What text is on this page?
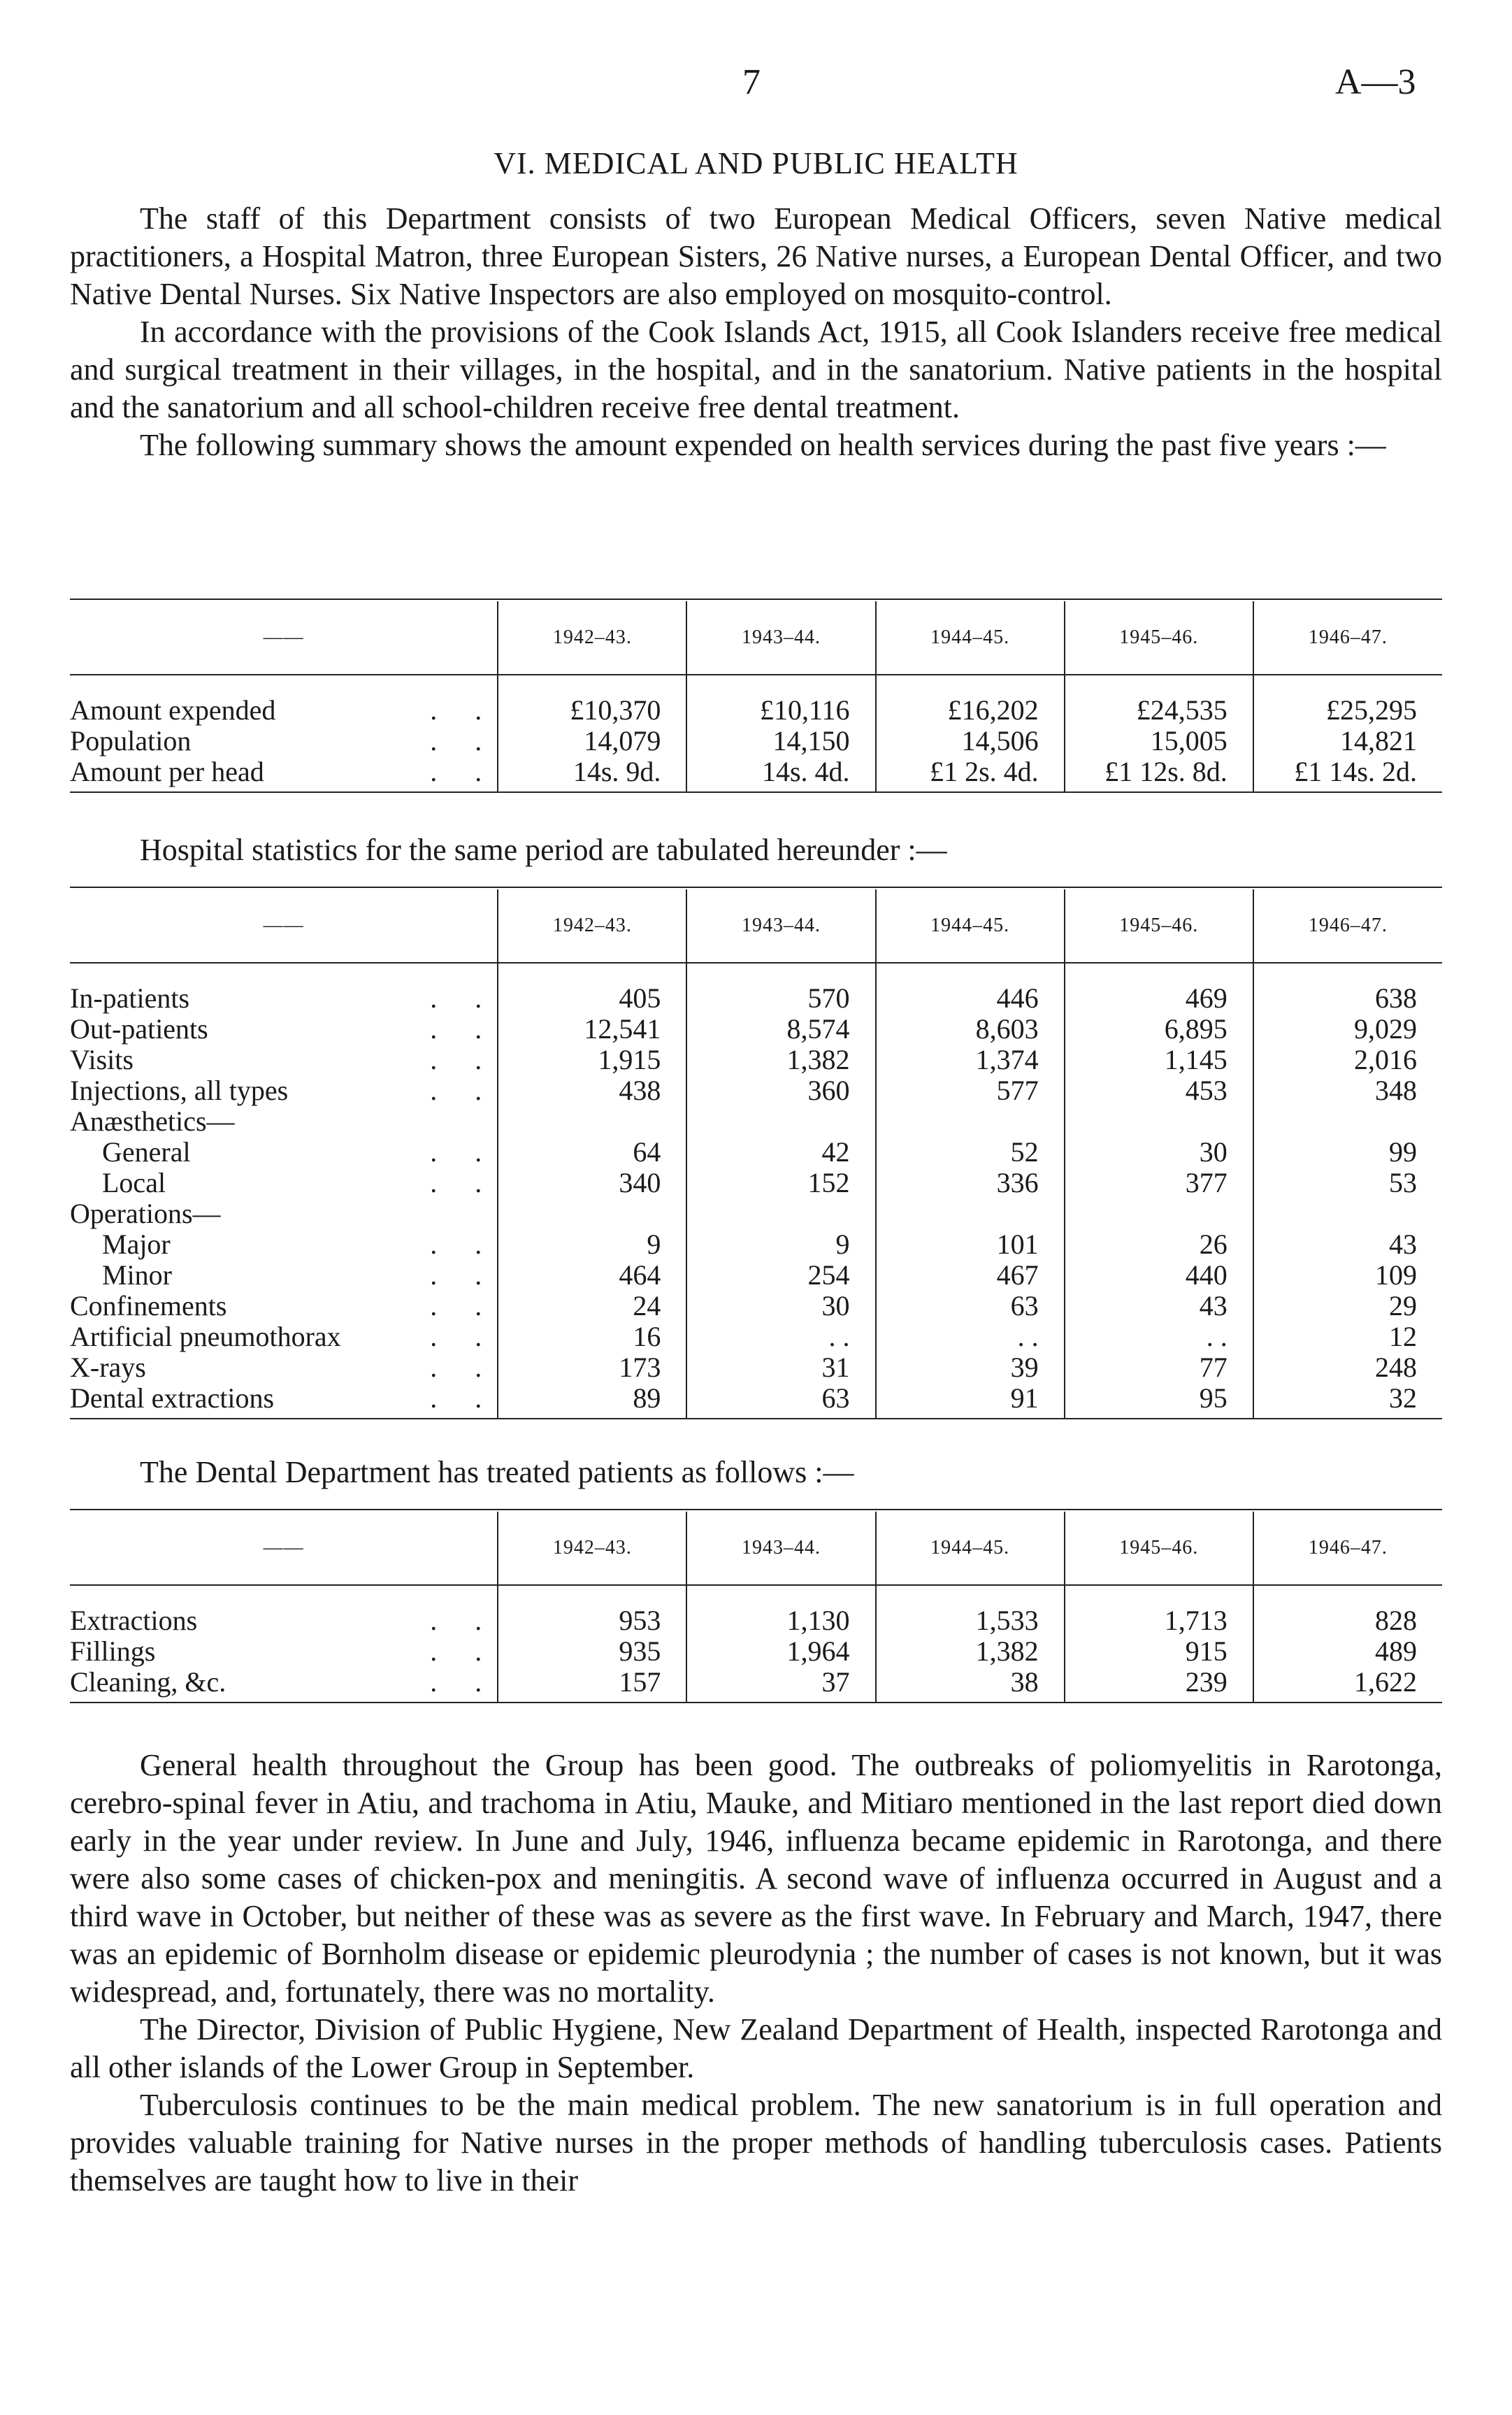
7	A—3
VI. MEDICAL AND PUBLIC HEALTH

The staff of this Department consists of two European Medical Officers, seven Native medical practitioners, a Hospital Matron, three European Sisters, 26 Native nurses, a European Dental Officer, and two Native Dental Nurses. Six Native Inspectors are also employed on mosquito-control.

In accordance with the provisions of the Cook Islands Act, 1915, all Cook Islanders receive free medical and surgical treatment in their villages, in the hospital, and in the sanatorium. Native patients in the hospital and the sanatorium and all school-children receive free dental treatment.

The following summary shows the amount expended on health services during the past five years :—

——	1942–43.	1943–44.	1944–45.	1945–46.	1946–47.

Amount expended . .	£10,370	£10,116	£16,202	£24,535	£25,295
Population . .	14,079	14,150	14,506	15,005	14,821
Amount per head . .	14s. 9d.	14s. 4d.	£1 2s. 4d.	£1 12s. 8d.	£1 14s. 2d.
Hospital statistics for the same period are tabulated hereunder :—
——	1942–43.	1943–44.	1944–45.	1945–46.	1946–47.

In-patients . .	405	570	446	469	638
Out-patients . .	12,541	8,574	8,603	6,895	9,029
Visits . .	1,915	1,382	1,374	1,145	2,016
Injections, all types . .	438	360	577	453	348
Anæsthetics—					
General . .	64	42	52	30	99
Local . .	340	152	336	377	53
Operations—					
Major . .	9	9	101	26	43
Minor . .	464	254	467	440	109
Confinements . .	24	30	63	43	29
Artificial pneumothorax . .	16	. .	. .	. .	12
X-rays . .	173	31	39	77	248
Dental extractions . .	89	63	91	95	32
The Dental Department has treated patients as follows :—
——	1942–43.	1943–44.	1944–45.	1945–46.	1946–47.

Extractions . .	953	1,130	1,533	1,713	828
Fillings . .	935	1,964	1,382	915	489
Cleaning, &c. . .	157	37	38	239	1,622

General health throughout the Group has been good. The outbreaks of poliomyelitis in Rarotonga, cerebro-spinal fever in Atiu, and trachoma in Atiu, Mauke, and Mitiaro mentioned in the last report died down early in the year under review. In June and July, 1946, influenza became epidemic in Rarotonga, and there were also some cases of chicken-pox and meningitis. A second wave of influenza occurred in August and a third wave in October, but neither of these was as severe as the first wave. In February and March, 1947, there was an epidemic of Bornholm disease or epidemic pleurodynia ; the number of cases is not known, but it was widespread, and, fortunately, there was no mortality.

The Director, Division of Public Hygiene, New Zealand Department of Health, inspected Rarotonga and all other islands of the Lower Group in September.

Tuberculosis continues to be the main medical problem. The new sanatorium is in full operation and provides valuable training for Native nurses in the proper methods of handling tuberculosis cases. Patients themselves are taught how to live in their
